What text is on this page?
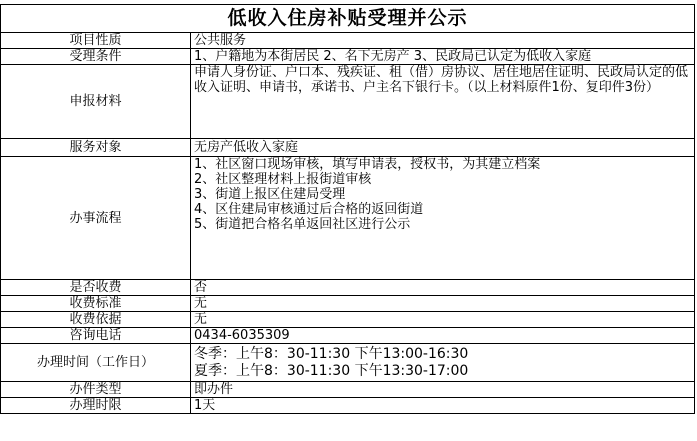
低收入住房补贴受理并公示	
项目性质	公共服务
受理条件	1、户籍地为本街居民 2、名下无房产 3、民政局已认定为低收入家庭

申报材料	申请人身份证、户口本、残疾证、租（借）房协议、居住地居住证明、民政局认定的低收入证明、申请书，承诺书、户主名下银行卡。（以上材料原件1份、复印件3份）

服务对象	无房产低收入家庭
办事流程	1、社区窗口现场审核，填写申请表，授权书，为其建立档案
2、社区整理材料上报街道审核
3、街道上报区住建局受理
4、区住建局审核通过后合格的返回街道
5、街道把合格名单返回社区进行公示

是否收费	否
收费标准	无
收费依据	无
咨询电话	0434-6035309
办理时间（工作日）	冬季：上午8：30-11:30 下午13:00-16:30
夏季：上午8：30-11:30 下午13:30-17:00

办件类型	即办件
办理时限	1天
